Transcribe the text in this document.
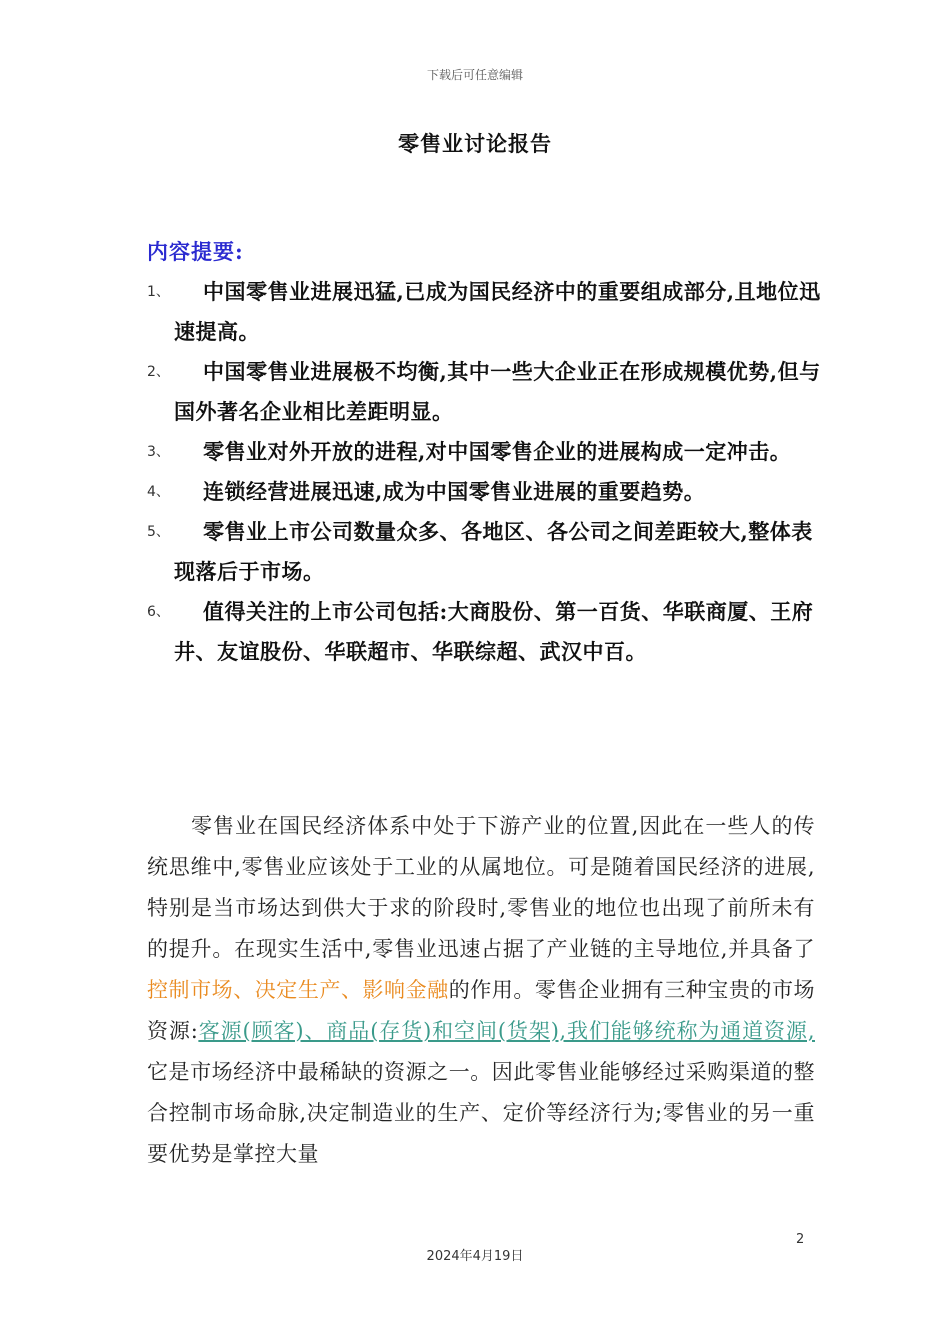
下载后可任意编辑
零售业讨论报告
内容提要:
1、	中国零售业进展迅猛,已成为国民经济中的重要组成部分,且地位迅速提高。
2、	中国零售业进展极不均衡,其中一些大企业正在形成规模优势,但与国外著名企业相比差距明显。
3、	零售业对外开放的进程,对中国零售企业的进展构成一定冲击。
4、	连锁经营进展迅速,成为中国零售业进展的重要趋势。
5、	零售业上市公司数量众多、各地区、各公司之间差距较大,整体表现落后于市场。
6、	值得关注的上市公司包括:大商股份、第一百货、华联商厦、王府井、友谊股份、华联超市、华联综超、武汉中百。

零售业在国民经济体系中处于下游产业的位置,因此在一些人的传统思维中,零售业应该处于工业的从属地位。可是随着国民经济的进展,特别是当市场达到供大于求的阶段时,零售业的地位也出现了前所未有的提升。在现实生活中,零售业迅速占据了产业链的主导地位,并具备了控制市场、决定生产、影响金融的作用。零售企业拥有三种宝贵的市场资源:客源(顾客)、商品(存货)和空间(货架),我们能够统称为通道资源,它是市场经济中最稀缺的资源之一。因此零售业能够经过采购渠道的整合控制市场命脉,决定制造业的生产、定价等经济行为;零售业的另一重要优势是掌控大量

2
2024年4月19日
